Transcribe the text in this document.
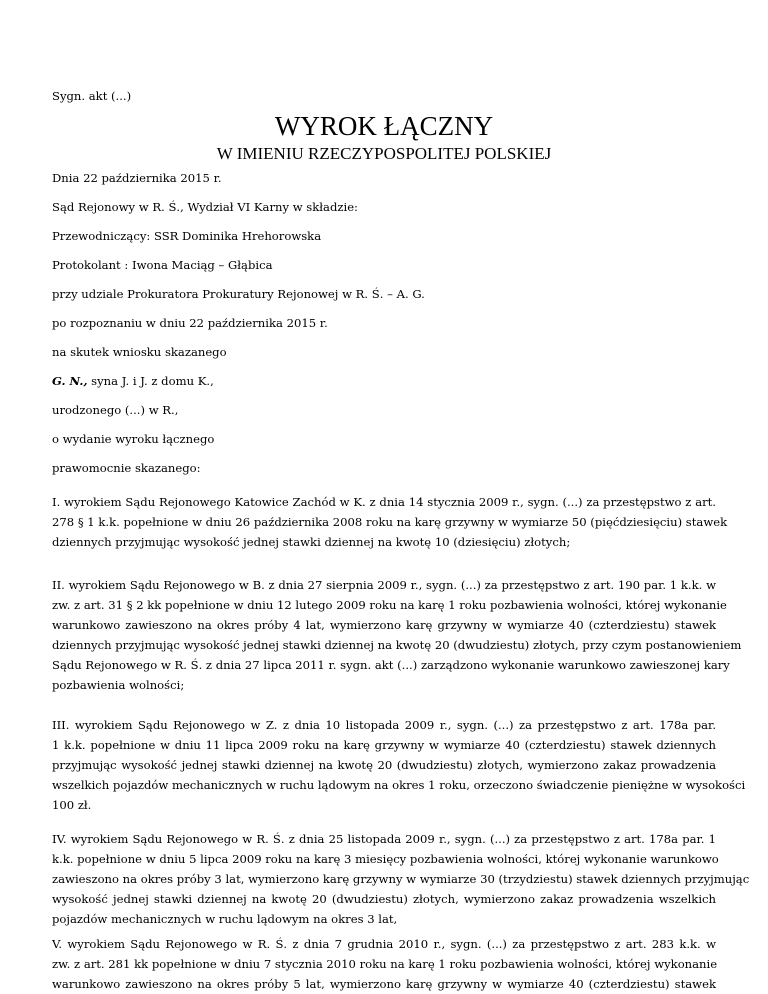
Sygn. akt (...)
WYROK ŁĄCZNY
W IMIENIU RZECZYPOSPOLITEJ POLSKIEJ
Dnia 22 października 2015 r.
Sąd Rejonowy w R. Ś., Wydział VI Karny w składzie:
Przewodniczący: SSR Dominika Hrehorowska
Protokolant : Iwona Maciąg – Głąbica
przy udziale Prokuratora Prokuratury Rejonowej w R. Ś. – A. G.
po rozpoznaniu w dniu 22 października 2015 r.
na skutek wniosku skazanego
G. N., syna J. i J. z domu K.,
urodzonego (...) w R.,
o wydanie wyroku łącznego
prawomocnie skazanego:
I. wyrokiem Sądu Rejonowego Katowice Zachód w K. z dnia 14 stycznia 2009 r., sygn. (...) za przestępstwo z art.
278 § 1 k.k. popełnione w dniu 26 października 2008 roku na karę grzywny w wymiarze 50 (pięćdziesięciu) stawek
dziennych przyjmując wysokość jednej stawki dziennej na kwotę 10 (dziesięciu) złotych;
II. wyrokiem Sądu Rejonowego w B. z dnia 27 sierpnia 2009 r., sygn. (...) za przestępstwo z art. 190 par. 1 k.k. w
zw. z art. 31 § 2 kk popełnione w dniu 12 lutego 2009 roku na karę 1 roku pozbawienia wolności, której wykonanie
warunkowo zawieszono na okres próby 4 lat, wymierzono karę grzywny w wymiarze 40 (czterdziestu) stawek
dziennych przyjmując wysokość jednej stawki dziennej na kwotę 20 (dwudziestu) złotych, przy czym postanowieniem
Sądu Rejonowego w R. Ś. z dnia 27 lipca 2011 r. sygn. akt (...) zarządzono wykonanie warunkowo zawieszonej kary
pozbawienia wolności;
III. wyrokiem Sądu Rejonowego w Z. z dnia 10 listopada 2009 r., sygn. (...) za przestępstwo z art. 178a par.
1 k.k. popełnione w dniu 11 lipca 2009 roku na karę grzywny w wymiarze 40 (czterdziestu) stawek dziennych
przyjmując wysokość jednej stawki dziennej na kwotę 20 (dwudziestu) złotych, wymierzono zakaz prowadzenia
wszelkich pojazdów mechanicznych w ruchu lądowym na okres 1 roku, orzeczono świadczenie pieniężne w wysokości
100 zł.
IV. wyrokiem Sądu Rejonowego w R. Ś. z dnia 25 listopada 2009 r., sygn. (...) za przestępstwo z art. 178a par. 1
k.k. popełnione w dniu 5 lipca 2009 roku na karę 3 miesięcy pozbawienia wolności, której wykonanie warunkowo
zawieszono na okres próby 3 lat, wymierzono karę grzywny w wymiarze 30 (trzydziestu) stawek dziennych przyjmując
wysokość jednej stawki dziennej na kwotę 20 (dwudziestu) złotych, wymierzono zakaz prowadzenia wszelkich
pojazdów mechanicznych w ruchu lądowym na okres 3 lat,
V. wyrokiem Sądu Rejonowego w R. Ś. z dnia 7 grudnia 2010 r., sygn. (...) za przestępstwo z art. 283 k.k. w
zw. z art. 281 kk popełnione w dniu 7 stycznia 2010 roku na karę 1 roku pozbawienia wolności, której wykonanie
warunkowo zawieszono na okres próby 5 lat, wymierzono karę grzywny w wymiarze 40 (czterdziestu) stawek
